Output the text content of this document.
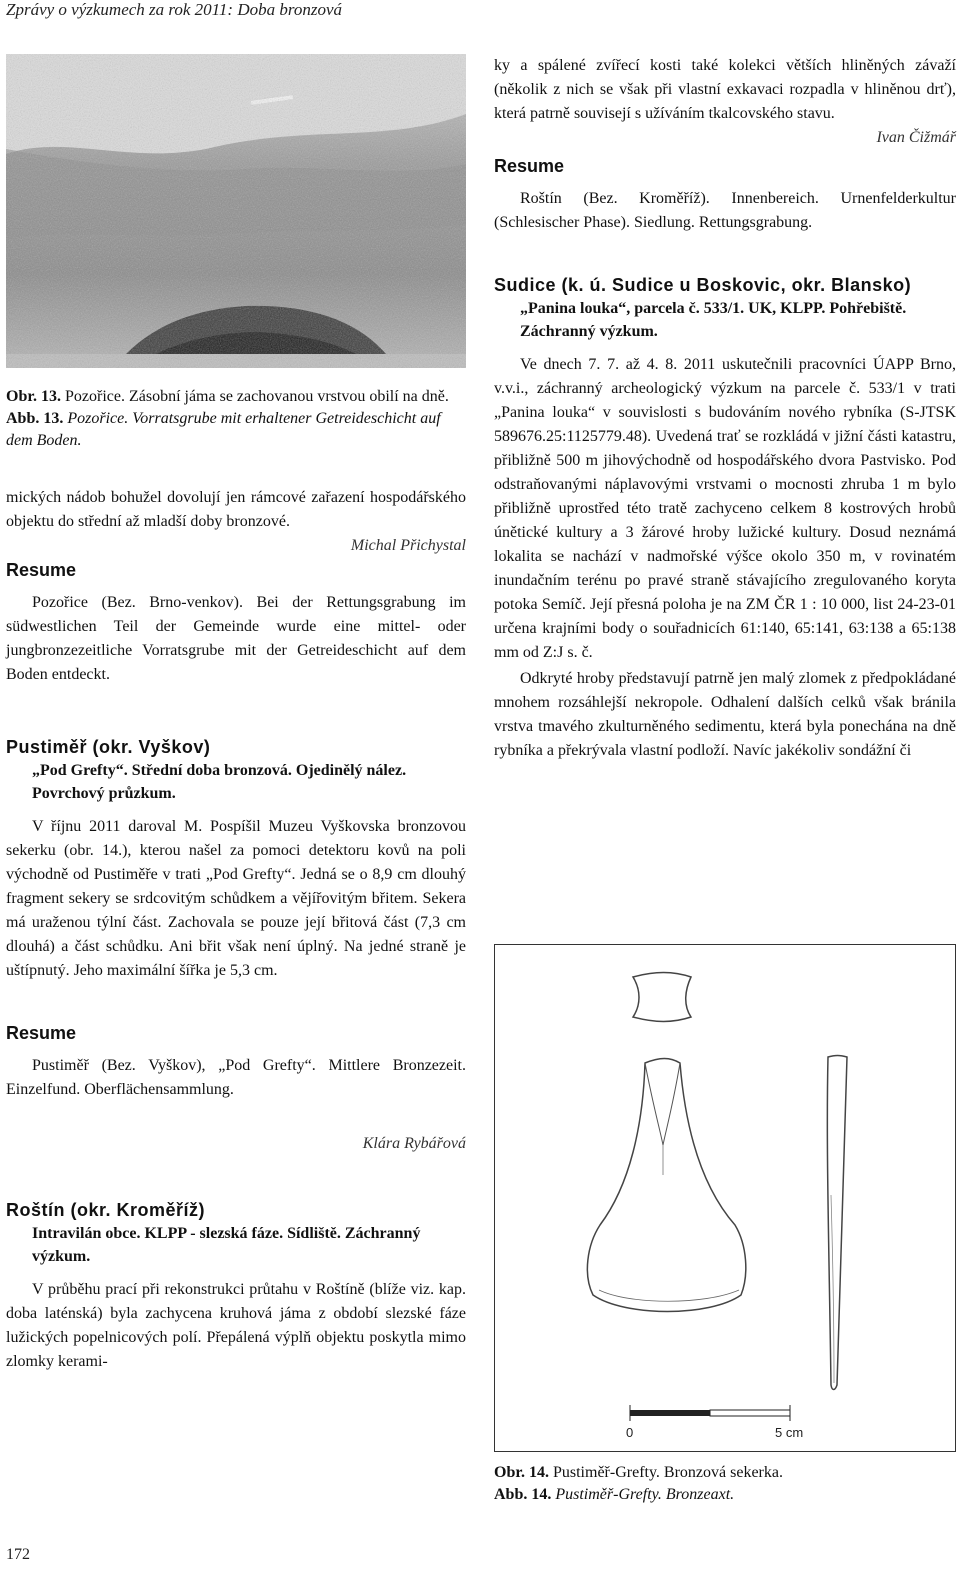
Zprávy o výzkumech za rok 2011: Doba bronzová

Obr. 13. Pozořice. Zásobní jáma se zachovanou vrstvou obilí na dně.

Abb. 13. Pozořice. Vorratsgrube mit erhaltener Getreideschicht auf dem Boden.

mických nádob bohužel dovolují jen rámcové zařazení hospodářského objektu do střední až mladší doby bronzové.

Michal Přichystal

Resume

Pozořice (Bez. Brno-venkov). Bei der Rettungsgrabung im südwestlichen Teil der Gemeinde wurde eine mittel- oder jungbronzezeitliche Vorratsgrube mit der Getreideschicht auf dem Boden entdeckt.

Pustiměř (okr. Vyškov)

„Pod Grefty“. Střední doba bronzová. Ojedinělý nález. Povrchový průzkum.

V říjnu 2011 daroval M. Pospíšil Muzeu Vyškovska bronzovou sekerku (obr. 14.), kterou našel za pomoci detektoru kovů na poli východně od Pustiměře v trati „Pod Grefty“. Jedná se o 8,9 cm dlouhý fragment sekery se srdcovitým schůdkem a vějířovitým břitem. Sekera má uraženou týlní část. Zachovala se pouze její břitová část (7,3 cm dlouhá) a část schůdku. Ani břit však není úplný. Na jedné straně je uštípnutý. Jeho maximální šířka je 5,3 cm.

Resume

Pustiměř (Bez. Vyškov), „Pod Grefty“. Mittlere Bronzezeit. Einzelfund. Oberflächensammlung.

Klára Rybářová

Roštín (okr. Kroměříž)

Intravilán obce. KLPP - slezská fáze. Sídliště. Záchranný výzkum.

V průběhu prací při rekonstrukci průtahu v Roštíně (blíže viz. kap. doba laténská) byla zachycena kruhová jáma z období slezské fáze lužických popelnicových polí. Přepálená výplň objektu poskytla mimo zlomky kerami-

ky a spálené zvířecí kosti také kolekci větších hliněných závaží (několik z nich se však při vlastní exkavaci rozpadla v hliněnou drť), která patrně souvisejí s užíváním tkalcovského stavu.

Ivan Čižmář

Resume

Roštín (Bez. Kroměříž). Innenbereich. Urnenfelderkultur (Schlesischer Phase). Siedlung. Rettungsgrabung.

Sudice (k. ú. Sudice u Boskovic, okr. Blansko)

„Panina louka“, parcela č. 533/1. UK, KLPP. Pohřebiště. Záchranný výzkum.

Ve dnech 7. 7. až 4. 8. 2011 uskutečnili pracovníci ÚAPP Brno, v.v.i., záchranný archeologický výzkum na parcele č. 533/1 v trati „Panina louka“ v souvislosti s budováním nového rybníka (S-JTSK 589676.25:1125779.48). Uvedená trať se rozkládá v jižní části katastru, přibližně 500 m jihovýchodně od hospodářského dvora Pastvisko. Pod odstraňovanými náplavovými vrstvami o mocnosti zhruba 1 m bylo přibližně uprostřed této tratě zachyceno celkem 8 kostrových hrobů únětické kultury a 3 žárové hroby lužické kultury. Dosud neznámá lokalita se nachází v nadmořské výšce okolo 350 m, v rovinatém inundačním terénu po pravé straně stávajícího zregulovaného koryta potoka Semíč. Její přesná poloha je na ZM ČR 1 : 10 000, list 24-23-01 určena krajními body o souřadnicích 61:140, 65:141, 63:138 a 65:138 mm od Z:J s. č.

Odkryté hroby představují patrně jen malý zlomek z předpokládané mnohem rozsáhlejší nekropole. Odhalení dalších celků však bránila vrstva tmavého zkulturněného sedimentu, která byla ponechána na dně rybníka a překrývala vlastní podloží. Navíc jakékoliv sondážní či

0	5 cm

Obr. 14. Pustiměř-Grefty. Bronzová sekerka.

Abb. 14. Pustiměř-Grefty. Bronzeaxt.

172
